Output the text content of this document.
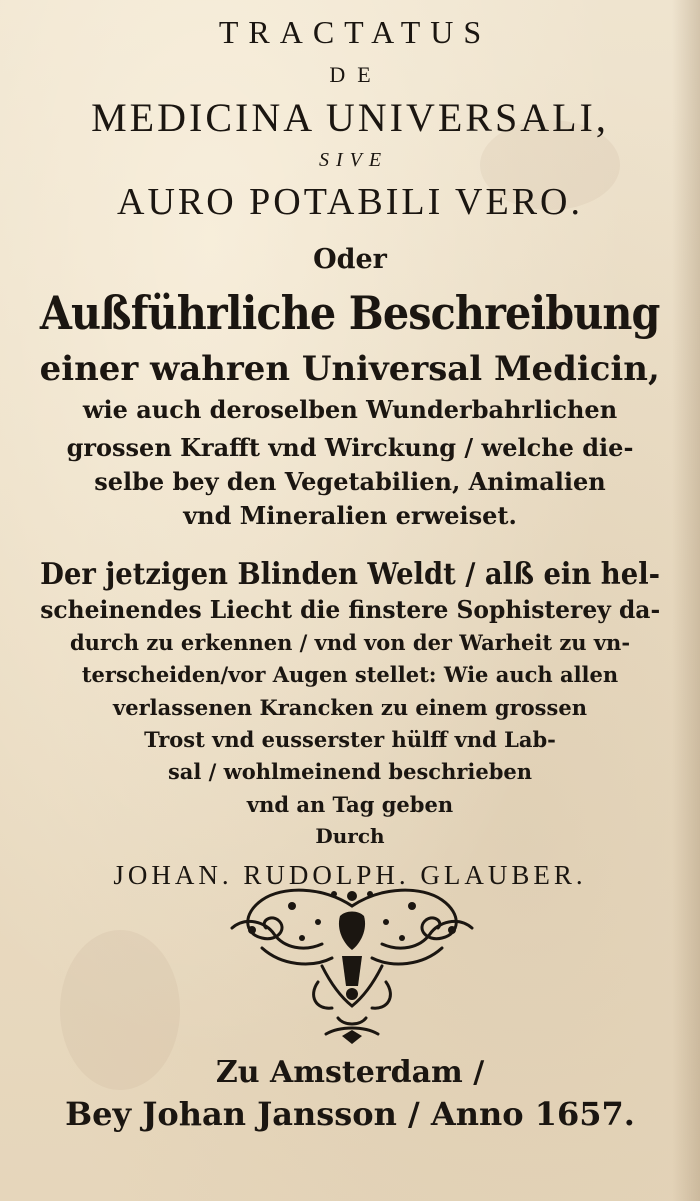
TRACTATUS
DE
MEDICINA UNIVERSALI,
SIVE
AURO POTABILI VERO.
Oder
Außführliche Beschreibung
einer wahren Universal Medicin,
wie auch deroselben Wunderbahrlichen
grossen Krafft vnd Wirckung / welche die-
selbe bey den Vegetabilien, Animalien
vnd Mineralien erweiset.
Der jetzigen Blinden Weldt / alß ein hel-
scheinendes Liecht die finstere Sophisterey da-
durch zu erkennen / vnd von der Warheit zu vn-
terscheiden/vor Augen stellet: Wie auch allen
verlassenen Krancken zu einem grossen
Trost vnd eusserster hülff vnd Lab-
sal / wohlmeinend beschrieben
vnd an Tag geben
Durch
JOHAN. RUDOLPH. GLAUBER.
Zu Amsterdam /
Bey Johan Jansson / Anno 1657.
